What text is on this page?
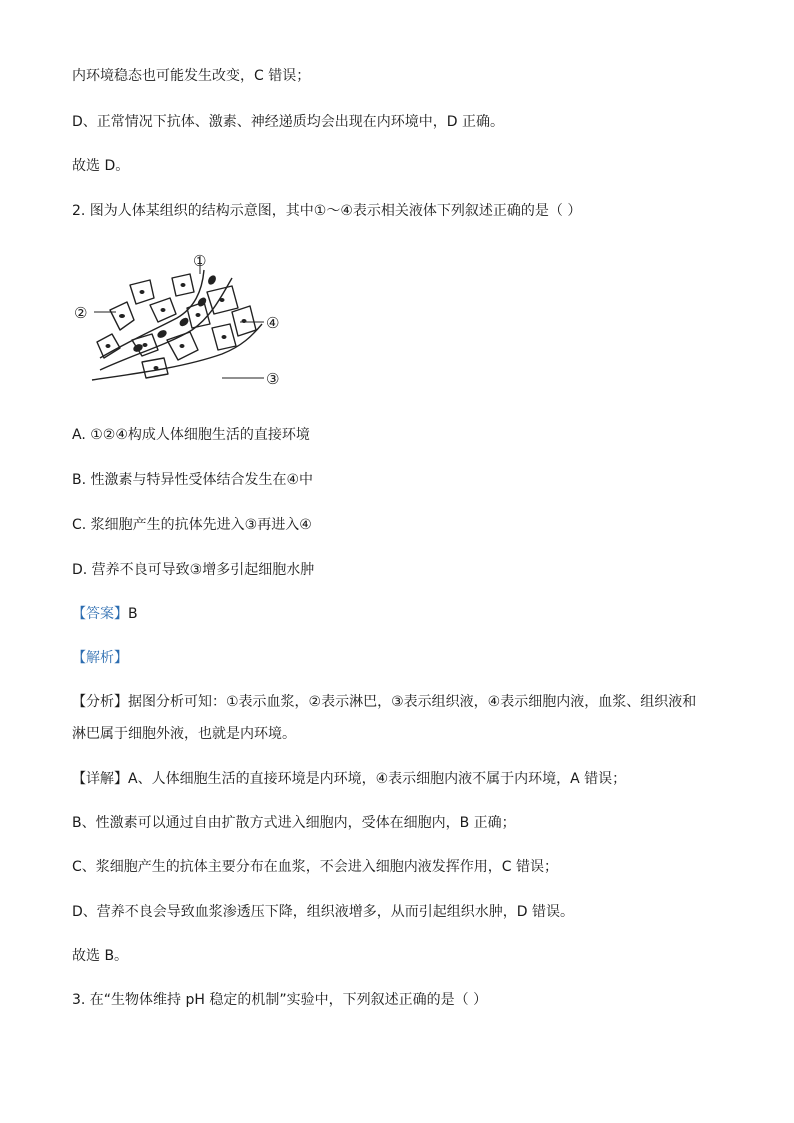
内环境稳态也可能发生改变，C 错误；
D、正常情况下抗体、激素、神经递质均会出现在内环境中，D 正确。
故选 D。
2. 图为人体某组织的结构示意图，其中①～④表示相关液体下列叙述正确的是（ ）
①
②
③
④
A. ①②④构成人体细胞生活的直接环境
B. 性激素与特异性受体结合发生在④中
C. 浆细胞产生的抗体先进入③再进入④
D. 营养不良可导致③增多引起细胞水肿
【答案】B
【解析】
【分析】据图分析可知：①表示血浆，②表示淋巴，③表示组织液，④表示细胞内液，血浆、组织液和
淋巴属于细胞外液，也就是内环境。
【详解】A、人体细胞生活的直接环境是内环境，④表示细胞内液不属于内环境，A 错误；
B、性激素可以通过自由扩散方式进入细胞内，受体在细胞内，B 正确；
C、浆细胞产生的抗体主要分布在血浆，不会进入细胞内液发挥作用，C 错误；
D、营养不良会导致血浆渗透压下降，组织液增多，从而引起组织水肿，D 错误。
故选 B。
3. 在“生物体维持 pH 稳定的机制”实验中，下列叙述正确的是（ ）
